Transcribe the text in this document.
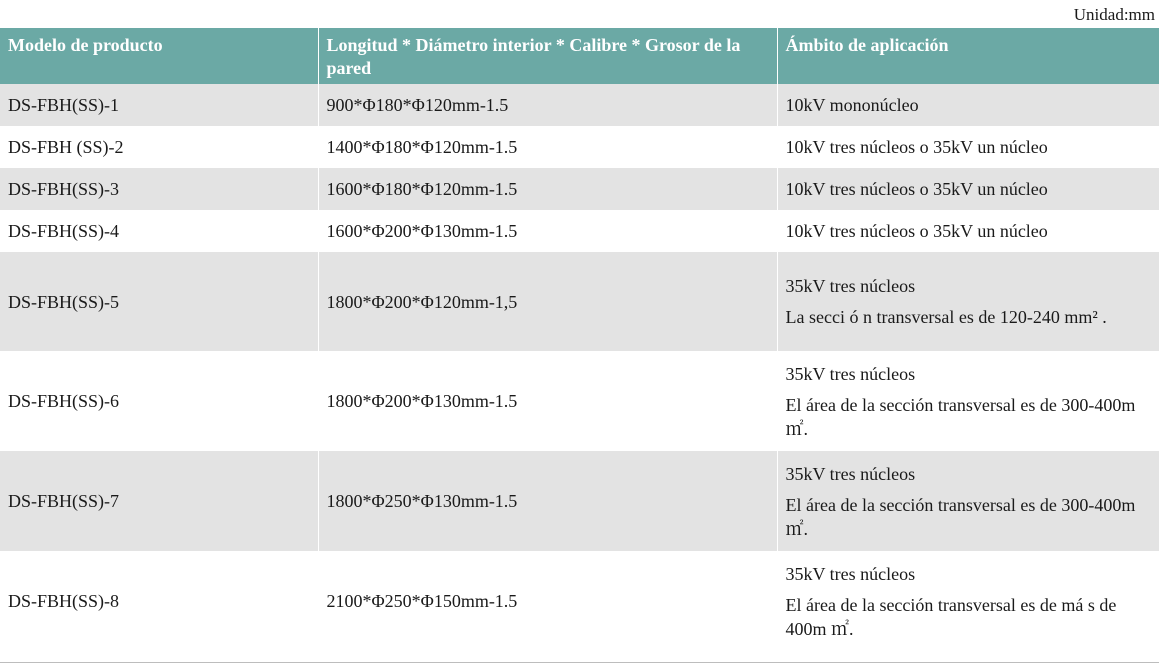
Unidad:mm
Modelo de producto	Longitud * Diámetro interior * Calibre * Grosor de la pared	Ámbito de aplicación
DS-FBH(SS)-1	900*Φ180*Φ120mm-1.5	10kV mononúcleo

DS-FBH (SS)-2	1400*Φ180*Φ120mm-1.5	10kV tres núcleos o 35kV un núcleo

DS-FBH(SS)-3	1600*Φ180*Φ120mm-1.5	10kV tres núcleos o 35kV un núcleo

DS-FBH(SS)-4	1600*Φ200*Φ130mm-1.5	10kV tres núcleos o 35kV un núcleo

DS-FBH(SS)-5	1800*Φ200*Φ120mm-1,5	35kV tres núcleos
La secci ó n transversal es de 120-240 mm² .

DS-FBH(SS)-6	1800*Φ200*Φ130mm-1.5	35kV tres núcleos
El área de la sección transversal es de 300-400m ㎡.

DS-FBH(SS)-7	1800*Φ250*Φ130mm-1.5	35kV tres núcleos
El área de la sección transversal es de 300-400m ㎡.

DS-FBH(SS)-8	2100*Φ250*Φ150mm-1.5	35kV tres núcleos
El área de la sección transversal es de má s de 400m ㎡.
